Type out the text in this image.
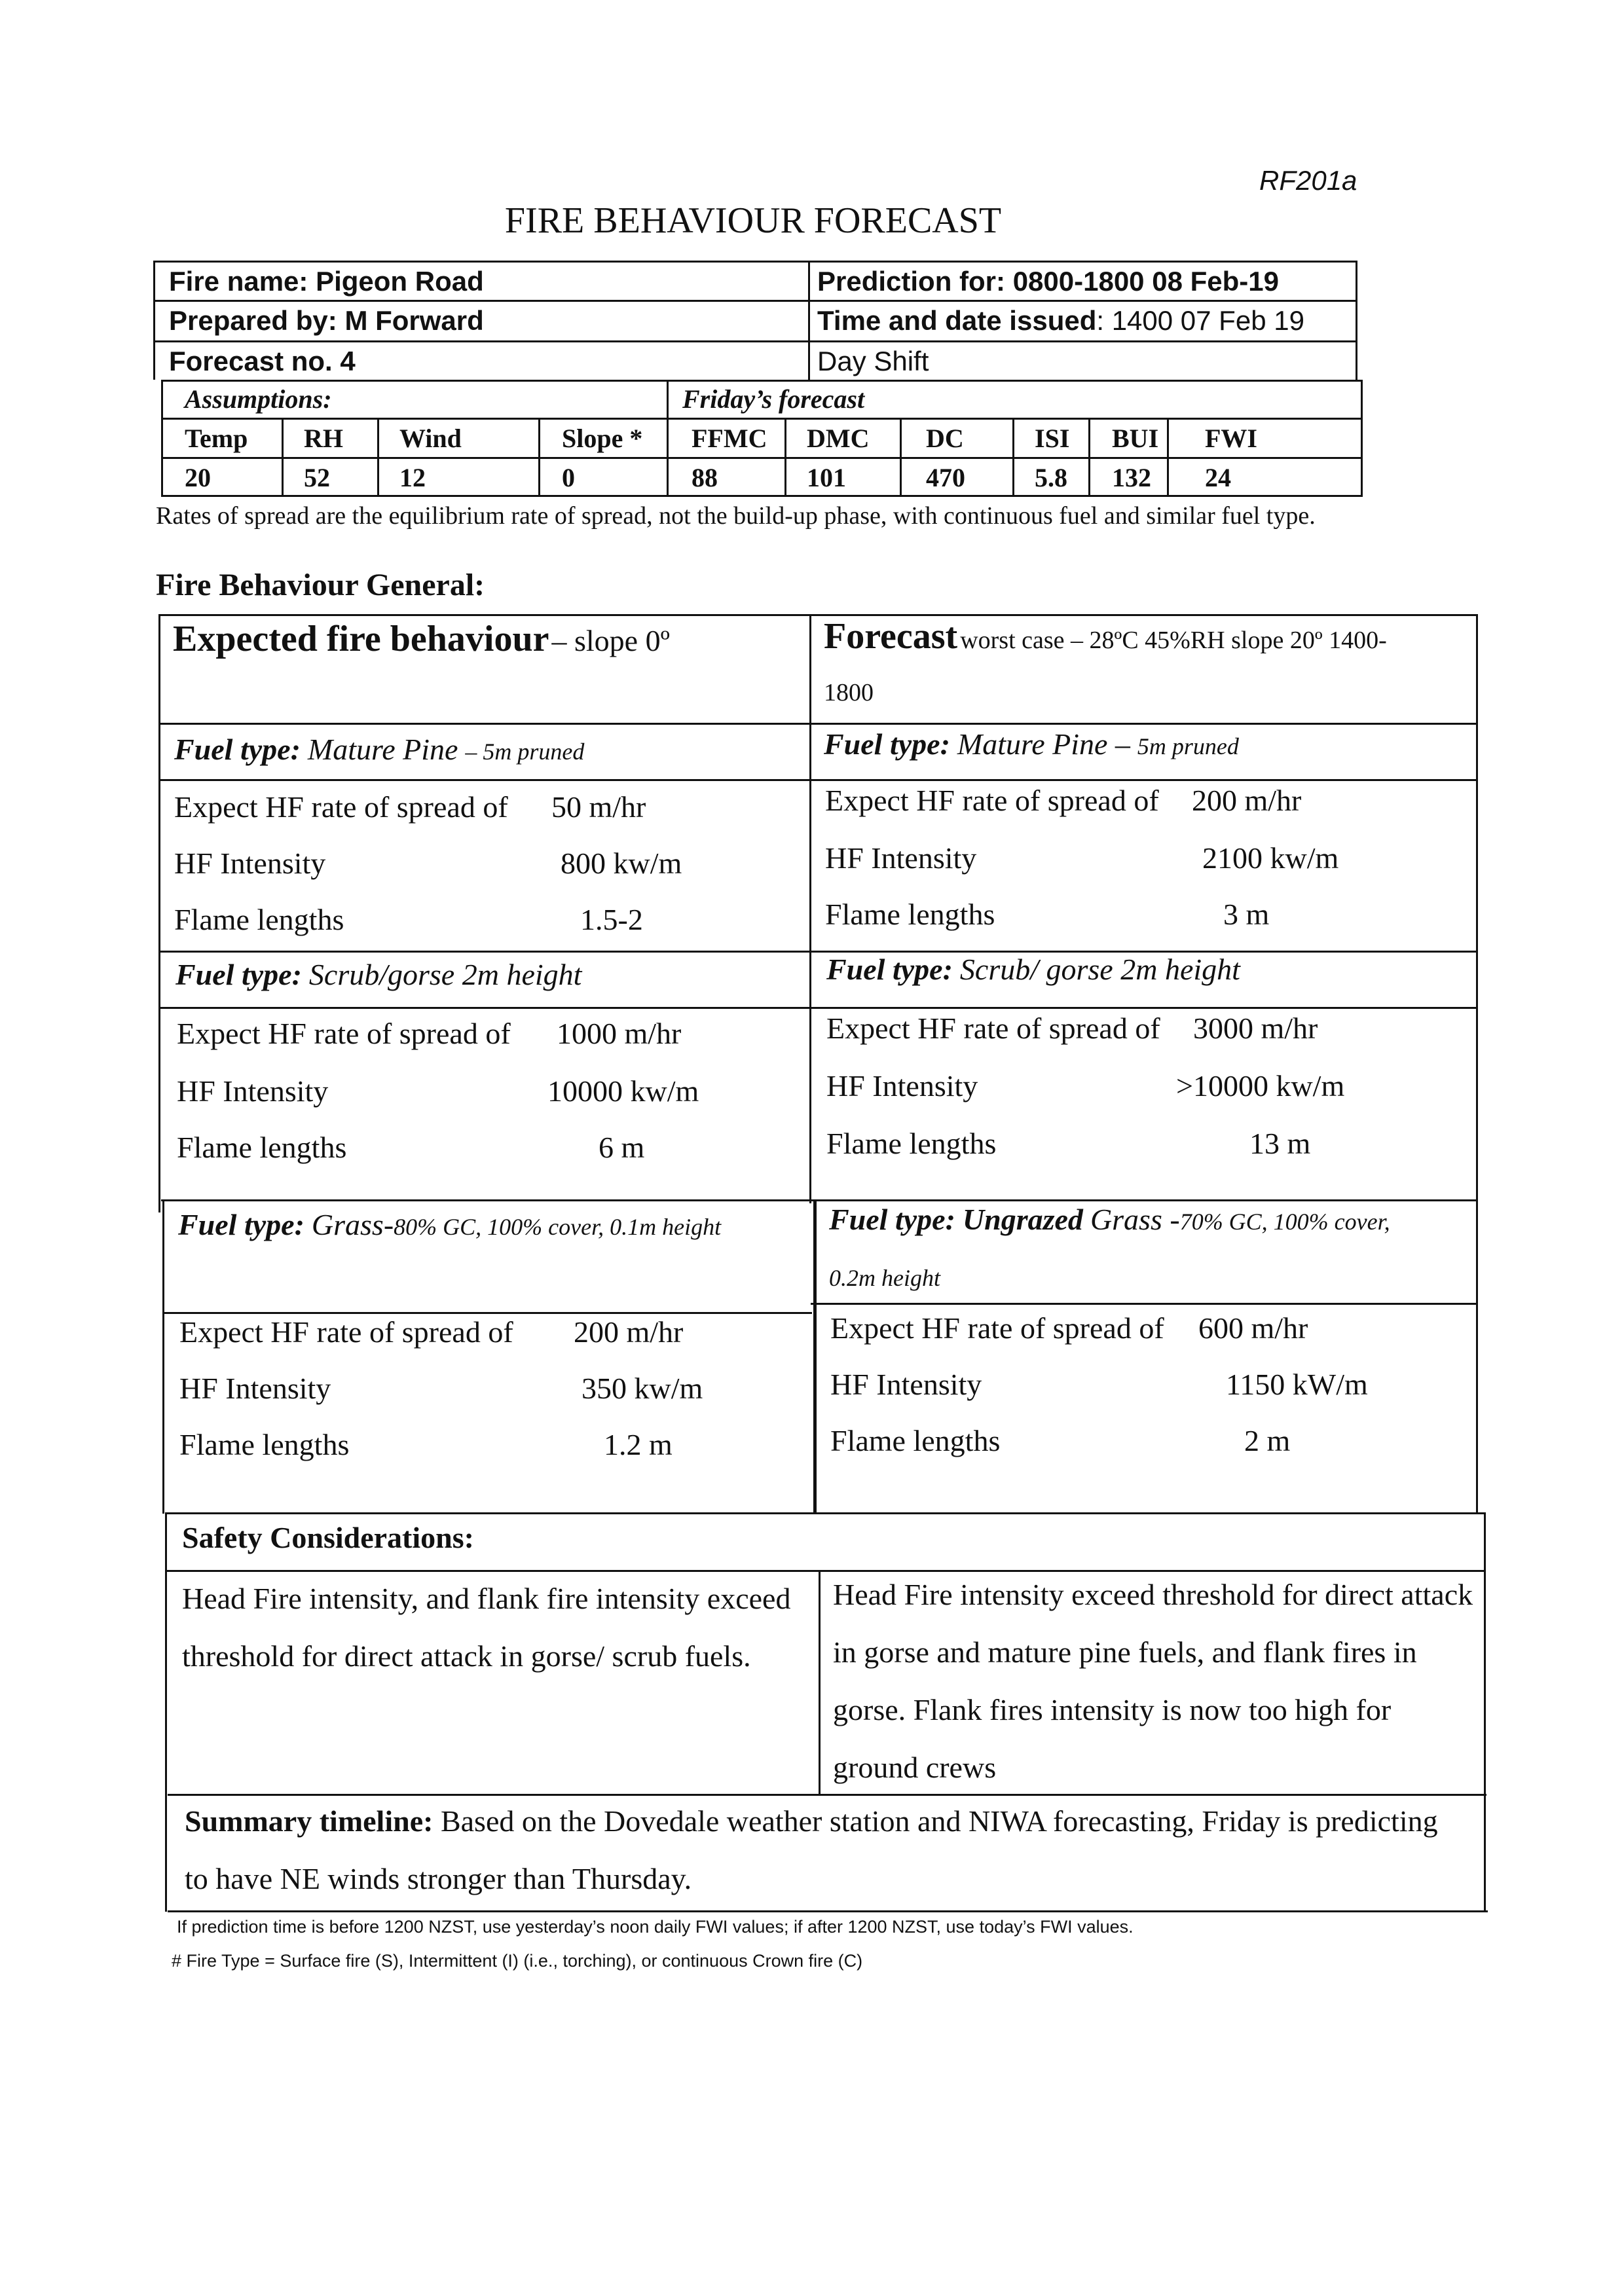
RF201a
FIRE BEHAVIOUR FORECAST
Fire name: Pigeon Road	Prediction for: 0800-1800 08 Feb-19
Prepared by: M Forward	Time and date issued: 1400 07 Feb 19
Forecast no. 4	Day Shift
Assumptions:	Friday’s forecast
Temp RH Wind	Slope * FFMC DMC DC	ISI BUI FWI
20	52	12	0	88	101	470	5.8 132 24
Rates of spread are the equilibrium rate of spread, not the build-up phase, with continuous fuel and similar fuel type.
Fire Behaviour General:
Expected fire behaviour – slope 0º
Fuel type: Mature Pine – 5m pruned
Expect HF rate of spread of 50 m/hr
HF Intensity	800 kw/m
Flame lengths	1.5-2
Fuel type: Scrub/gorse 2m height
Expect HF rate of spread of 1000 m/hr
HF Intensity	10000 kw/m
Flame lengths	6 m
Fuel type: Grass-80% GC, 100% cover, 0.1m height
Expect HF rate of spread of 200 m/hr
HF Intensity	350 kw/m
Flame lengths	1.2 m
Forecast worst case – 28ºC 45%RH slope 20º 1400-
1800
Fuel type: Mature Pine – 5m pruned
Expect HF rate of spread of 200 m/hr
HF Intensity	2100 kw/m
Flame lengths	3 m
Fuel type: Scrub/ gorse 2m height
Expect HF rate of spread of 3000 m/hr
HF Intensity	>10000 kw/m
Flame lengths	13 m
Fuel type: Ungrazed Grass -70% GC, 100% cover,
0.2m height
Expect HF rate of spread of 600 m/hr
HF Intensity	1150 kW/m
Flame lengths	2 m
Safety Considerations:
Head Fire intensity, and flank fire intensity exceed threshold for direct attack in gorse/ scrub fuels.
Head Fire intensity exceed threshold for direct attack in gorse and mature pine fuels, and flank fires in gorse. Flank fires intensity is now too high for ground crews
Summary timeline: Based on the Dovedale weather station and NIWA forecasting, Friday is predicting to have NE winds stronger than Thursday.
If prediction time is before 1200 NZST, use yesterday’s noon daily FWI values; if after 1200 NZST, use today’s FWI values.
# Fire Type = Surface fire (S), Intermittent (I) (i.e., torching), or continuous Crown fire (C)
